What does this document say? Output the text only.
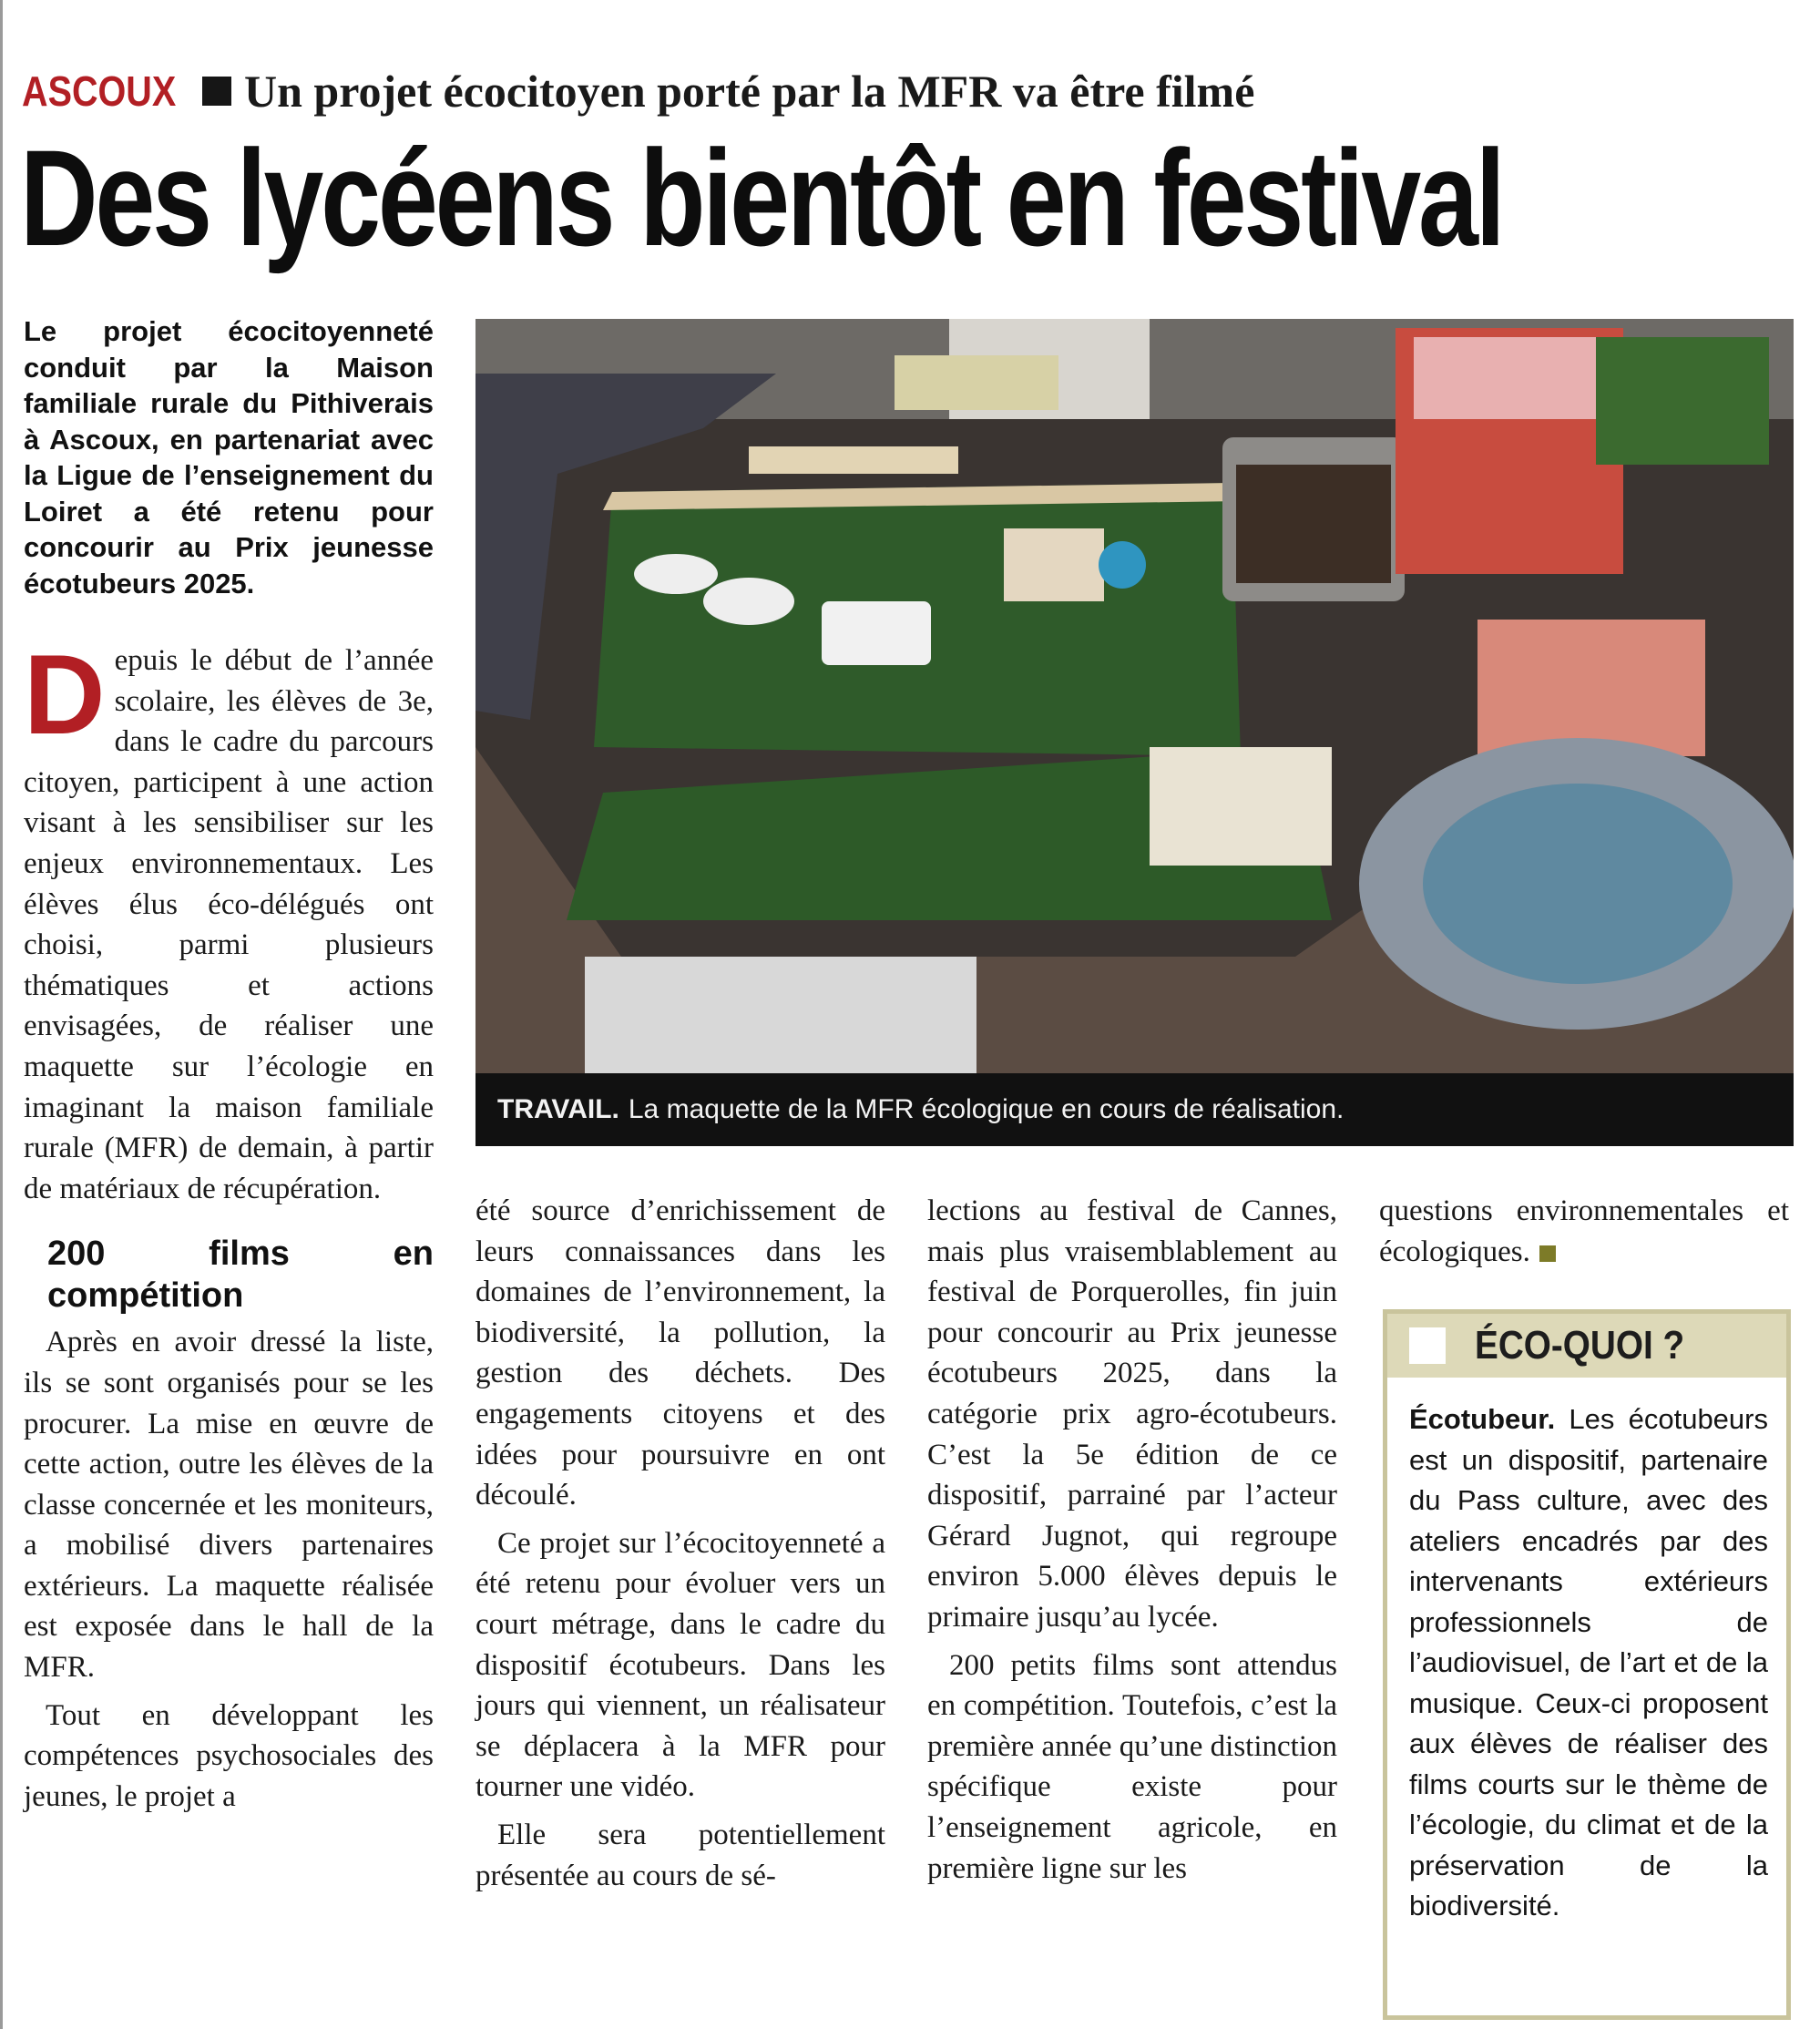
ASCOUX Un projet écocitoyen porté par la MFR va être filmé
Des lycéens bientôt en festival

Le projet écocitoyenneté conduit par la Maison familiale rurale du Pithiverais à Ascoux, en partenariat avec la Ligue de l’enseignement du Loiret a été retenu pour concourir au Prix jeunesse écotubeurs 2025.

TRAVAIL. La maquette de la MFR écologique en cours de réalisation.

Depuis le début de l’année scolaire, les élèves de 3e, dans le cadre du parcours citoyen, participent à une action visant à les sensibiliser sur les enjeux environnementaux. Les élèves élus éco-délégués ont choisi, parmi plusieurs thématiques et actions envisagées, de réaliser une maquette sur l’écologie en imaginant la maison familiale rurale (MFR) de demain, à partir de matériaux de récupération.

200 films en compétition

Après en avoir dressé la liste, ils se sont organisés pour se les procurer. La mise en œuvre de cette action, outre les élèves de la classe concernée et les moniteurs, a mobilisé divers partenaires extérieurs. La maquette réalisée est exposée dans le hall de la MFR.

Tout en développant les compétences psychosociales des jeunes, le projet a

été source d’enrichissement de leurs connaissances dans les domaines de l’environnement, la biodiversité, la pollution, la gestion des déchets. Des engagements citoyens et des idées pour poursuivre en ont découlé.

Ce projet sur l’écocitoyenneté a été retenu pour évoluer vers un court métrage, dans le cadre du dispositif écotubeurs. Dans les jours qui viennent, un réalisateur se déplacera à la MFR pour tourner une vidéo.

Elle sera potentiellement présentée au cours de sé-

lections au festival de Cannes, mais plus vraisemblablement au festival de Porquerolles, fin juin pour concourir au Prix jeunesse écotubeurs 2025, dans la catégorie prix agro-écotubeurs. C’est la 5e édition de ce dispositif, parrainé par l’acteur Gérard Jugnot, qui regroupe environ 5.000 élèves depuis le primaire jusqu’au lycée.

200 petits films sont attendus en compétition. Toutefois, c’est la première année qu’une distinction spécifique existe pour l’enseignement agricole, en première ligne sur les

questions environnementales et écologiques.

ÉCO-QUOI ?
Écotubeur. Les écotubeurs est un dispositif, partenaire du Pass culture, avec des ateliers encadrés par des intervenants extérieurs professionnels de l’audiovisuel, de l’art et de la musique. Ceux-ci proposent aux élèves de réaliser des films courts sur le thème de l’écologie, du climat et de la préservation de la biodiversité.
